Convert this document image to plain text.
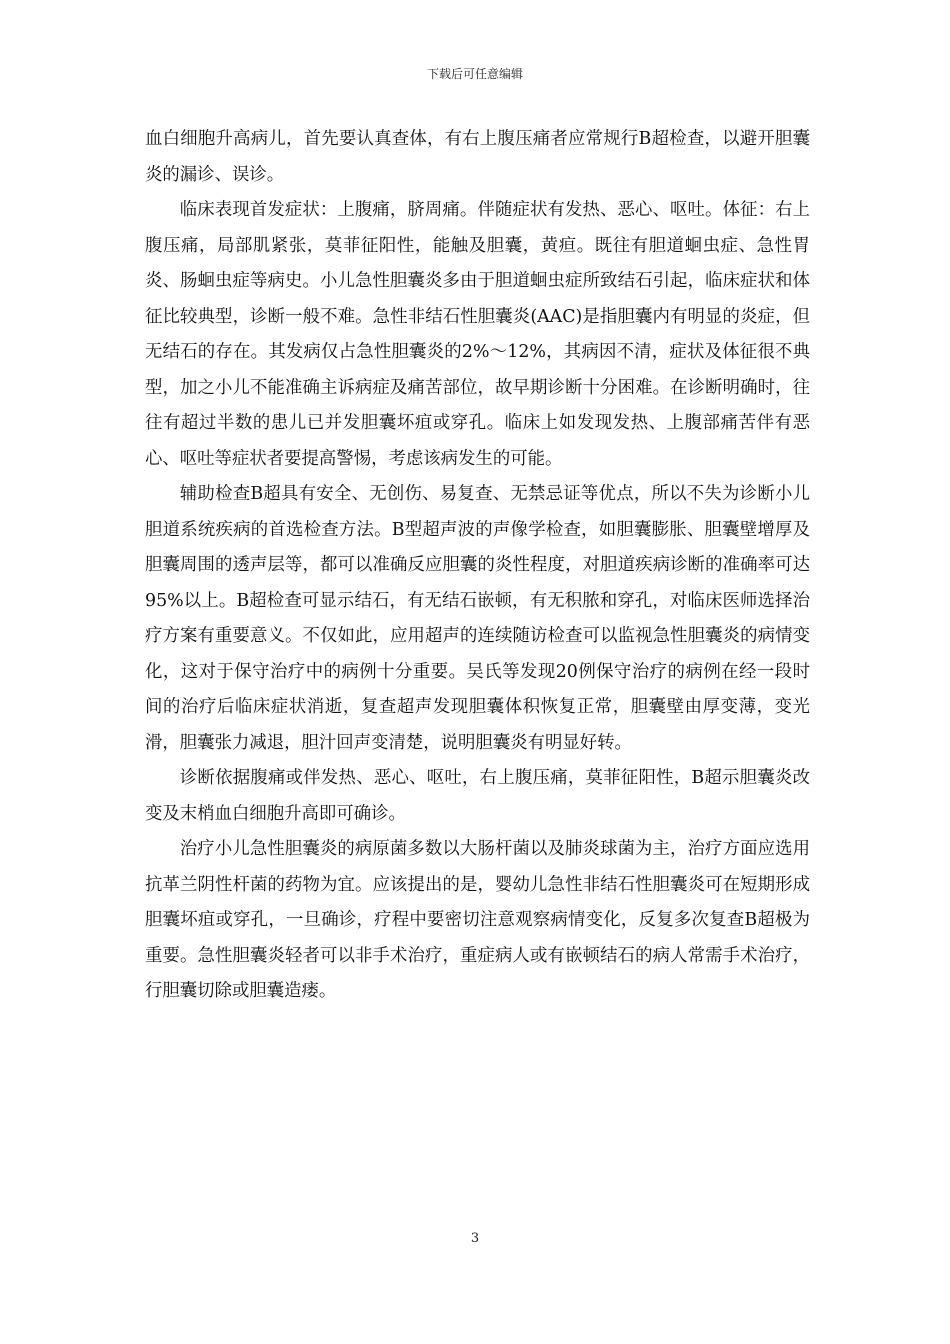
下载后可任意编辑

血白细胞升高病儿，首先要认真查体，有右上腹压痛者应常规行B超检查，以避开胆囊炎的漏诊、误诊。

临床表现首发症状：上腹痛，脐周痛。伴随症状有发热、恶心、呕吐。体征：右上腹压痛，局部肌紧张，莫菲征阳性，能触及胆囊，黄疸。既往有胆道蛔虫症、急性胃炎、肠蛔虫症等病史。小儿急性胆囊炎多由于胆道蛔虫症所致结石引起，临床症状和体征比较典型，诊断一般不难。急性非结石性胆囊炎(AAC)是指胆囊内有明显的炎症，但无结石的存在。其发病仅占急性胆囊炎的2%～12%，其病因不清，症状及体征很不典型，加之小儿不能准确主诉病症及痛苦部位，故早期诊断十分困难。在诊断明确时，往往有超过半数的患儿已并发胆囊坏疽或穿孔。临床上如发现发热、上腹部痛苦伴有恶心、呕吐等症状者要提高警惕，考虑该病发生的可能。

辅助检查B超具有安全、无创伤、易复查、无禁忌证等优点，所以不失为诊断小儿胆道系统疾病的首选检查方法。B型超声波的声像学检查，如胆囊膨胀、胆囊壁增厚及胆囊周围的透声层等，都可以准确反应胆囊的炎性程度，对胆道疾病诊断的准确率可达95%以上。B超检查可显示结石，有无结石嵌顿，有无积脓和穿孔，对临床医师选择治疗方案有重要意义。不仅如此，应用超声的连续随访检查可以监视急性胆囊炎的病情变化，这对于保守治疗中的病例十分重要。吴氏等发现20例保守治疗的病例在经一段时间的治疗后临床症状消逝，复查超声发现胆囊体积恢复正常，胆囊壁由厚变薄，变光滑，胆囊张力减退，胆汁回声变清楚，说明胆囊炎有明显好转。

诊断依据腹痛或伴发热、恶心、呕吐，右上腹压痛，莫菲征阳性，B超示胆囊炎改变及末梢血白细胞升高即可确诊。

治疗小儿急性胆囊炎的病原菌多数以大肠杆菌以及肺炎球菌为主，治疗方面应选用抗革兰阴性杆菌的药物为宜。应该提出的是，婴幼儿急性非结石性胆囊炎可在短期形成胆囊坏疽或穿孔，一旦确诊，疗程中要密切注意观察病情变化，反复多次复查B超极为重要。急性胆囊炎轻者可以非手术治疗，重症病人或有嵌顿结石的病人常需手术治疗，行胆囊切除或胆囊造瘘。

3
